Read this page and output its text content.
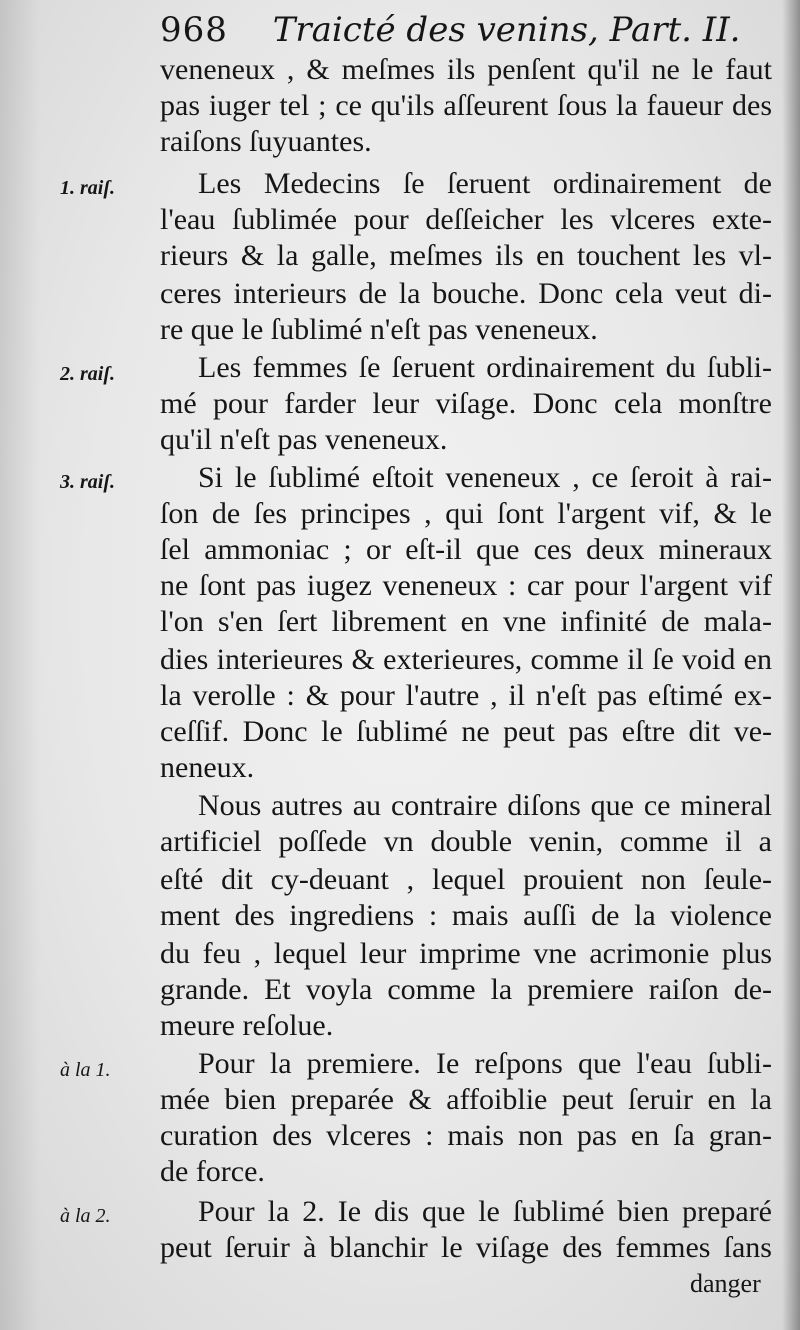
968 Traicté des venins, Part. II.
veneneux , & meſmes ils penſent qu'il ne le faut
pas iuger tel ; ce qu'ils aſſeurent ſous la faueur des
raiſons ſuyuantes.
Les Medecins ſe ſeruent ordinairement de
l'eau ſublimée pour deſſeicher les vlceres exte-
rieurs & la galle, meſmes ils en touchent les vl-
ceres interieurs de la bouche. Donc cela veut di-
re que le ſublimé n'eſt pas veneneux.
Les femmes ſe ſeruent ordinairement du ſubli-
mé pour farder leur viſage. Donc cela monſtre
qu'il n'eſt pas veneneux.
Si le ſublimé eſtoit veneneux , ce ſeroit à rai-
ſon de ſes principes , qui ſont l'argent vif, & le
ſel ammoniac ; or eſt-il que ces deux mineraux
ne ſont pas iugez veneneux : car pour l'argent vif
l'on s'en ſert librement en vne infinité de mala-
dies interieures & exterieures, comme il ſe void en
la verolle : & pour l'autre , il n'eſt pas eſtimé ex-
ceſſif. Donc le ſublimé ne peut pas eſtre dit ve-
neneux.
Nous autres au contraire diſons que ce mineral
artificiel poſſede vn double venin, comme il a
eſté dit cy-deuant , lequel prouient non ſeule-
ment des ingrediens : mais auſſi de la violence
du feu , lequel leur imprime vne acrimonie plus
grande. Et voyla comme la premiere raiſon de-
meure reſolue.
Pour la premiere. Ie reſpons que l'eau ſubli-
mée bien preparée & affoiblie peut ſeruir en la
curation des vlceres : mais non pas en ſa gran-
de force.
Pour la 2. Ie dis que le ſublimé bien preparé
peut ſeruir à blanchir le viſage des femmes ſans
danger
1. raiſ.
2. raiſ.
3. raiſ.
à la 1.
à la 2.
